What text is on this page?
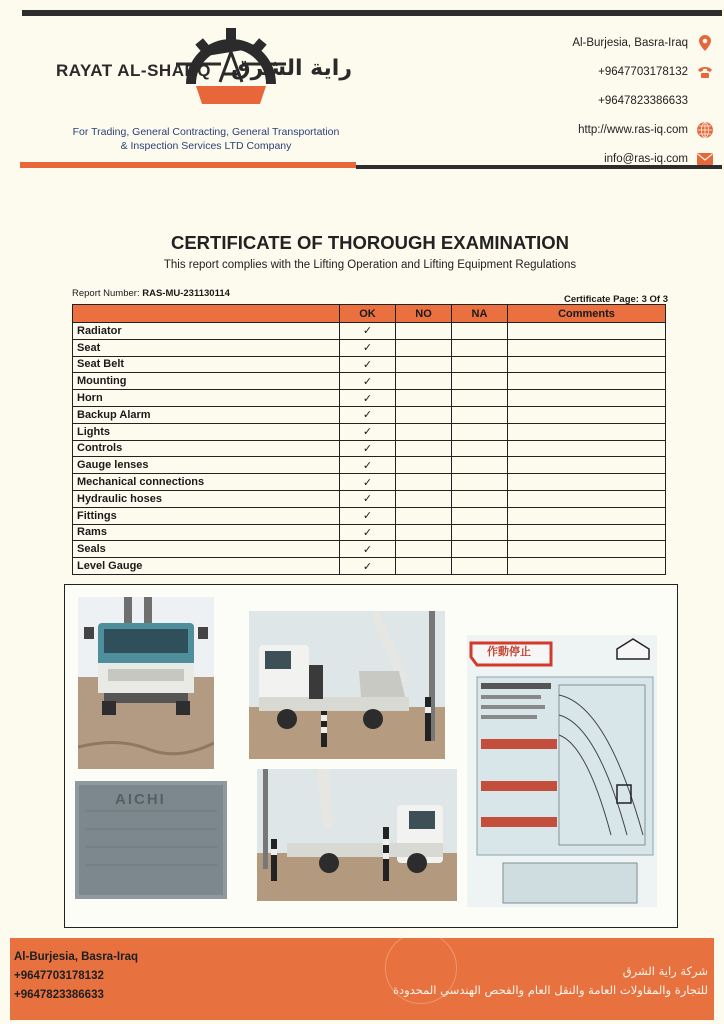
RAYAT AL-SHARQ راية الشرق
For Trading, General Contracting, General Transportation
& Inspection Services LTD Company
Al-Burjesia, Basra-Iraq
+9647703178132
+9647823386633
http://www.ras-iq.com
info@ras-iq.com
CERTIFICATE OF THOROUGH EXAMINATION
This report complies with the Lifting Operation and Lifting Equipment Regulations
Report Number: RAS-MU-231130114
Certificate Page: 3 Of 3
	OK	NO	NA	Comments
Radiator	✓			
Seat	✓			
Seat Belt	✓			
Mounting	✓			
Horn	✓			
Backup Alarm	✓			
Lights	✓			
Controls	✓			
Gauge lenses	✓			
Mechanical connections	✓			
Hydraulic hoses	✓			
Fittings	✓			
Rams	✓			
Seals	✓			
Level Gauge	✓			
作動停止
AICHI
Al-Burjesia, Basra-Iraq
+9647703178132
+9647823386633
شركة راية الشرق
للتجارة والمقاولات العامة والنقل العام والفحص الهندسي المحدودة
